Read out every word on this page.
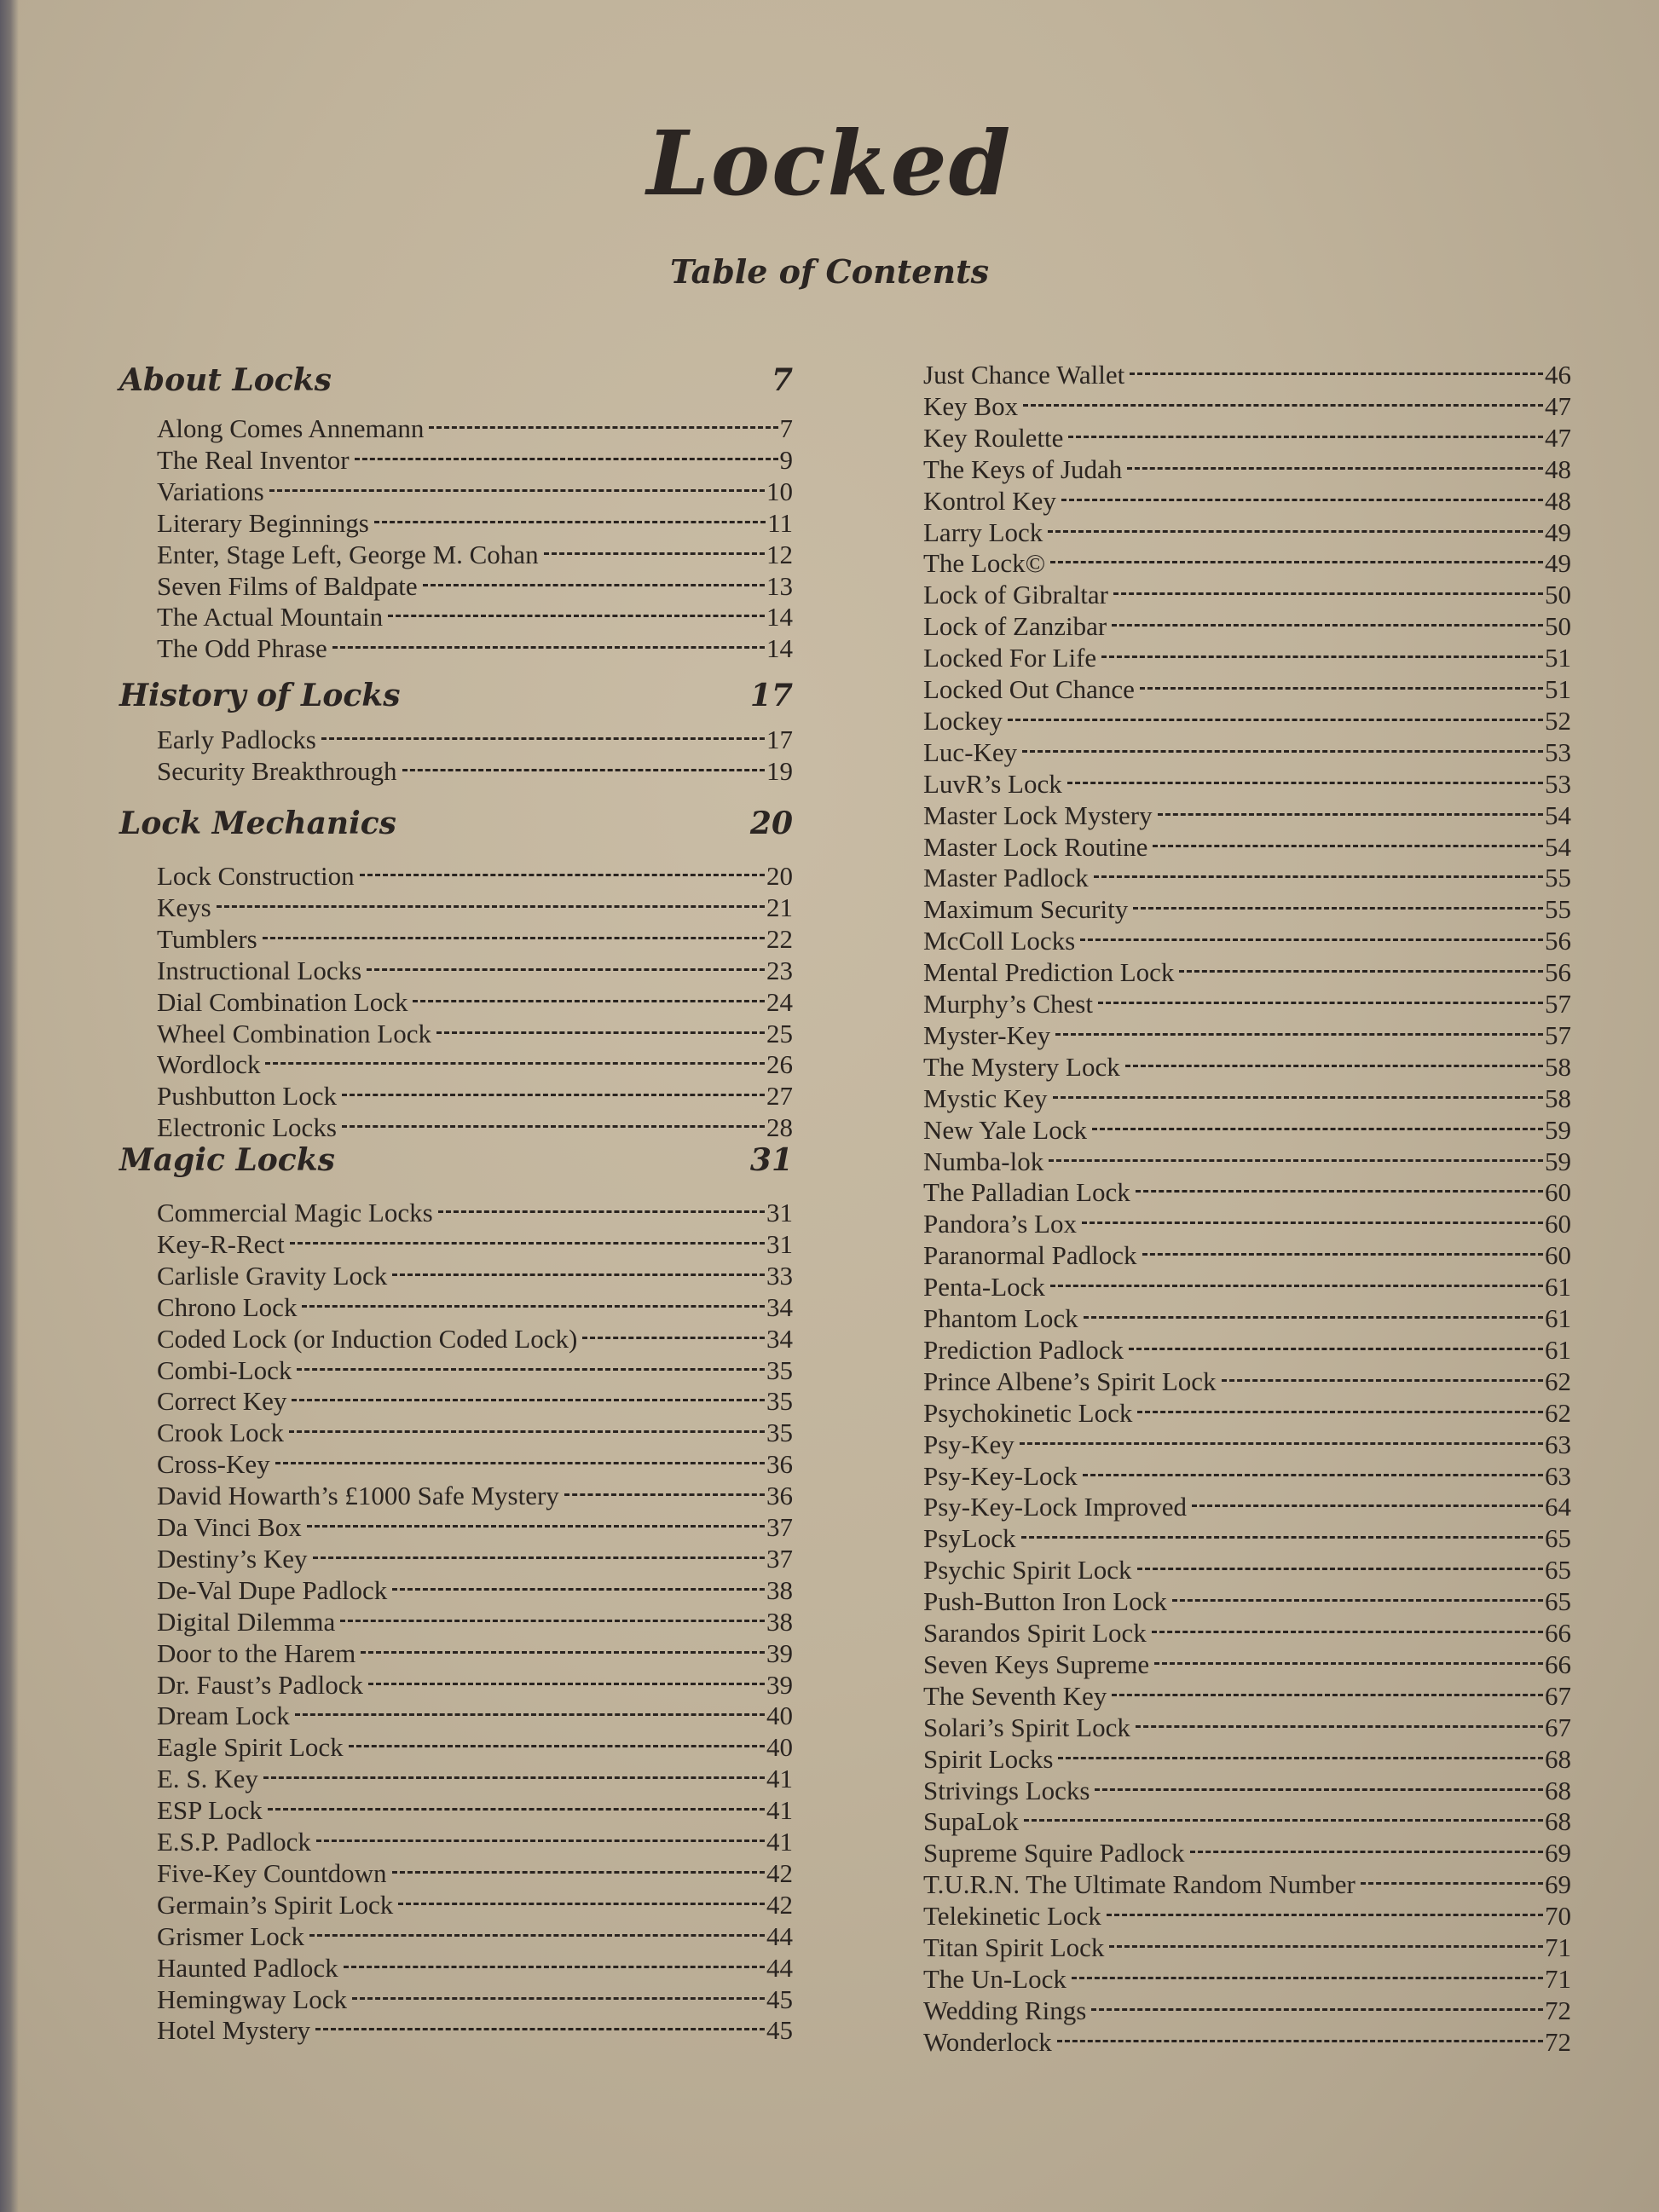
Locked
Table of Contents
About Locks	7
Along Comes Annemann	7
The Real Inventor	9
Variations	10
Literary Beginnings	11
Enter, Stage Left, George M. Cohan	12
Seven Films of Baldpate	13
The Actual Mountain	14
The Odd Phrase	14
History of Locks	17
Early Padlocks	17
Security Breakthrough	19
Lock Mechanics	20
Lock Construction	20
Keys	21
Tumblers	22
Instructional Locks	23
Dial Combination Lock	24
Wheel Combination Lock	25
Wordlock	26
Pushbutton Lock	27
Electronic Locks	28
Magic Locks	31
Commercial Magic Locks	31
Key-R-Rect	31
Carlisle Gravity Lock	33
Chrono Lock	34
Coded Lock (or Induction Coded Lock)	34
Combi-Lock	35
Correct Key	35
Crook Lock	35
Cross-Key	36
David Howarth’s £1000 Safe Mystery	36
Da Vinci Box	37
Destiny’s Key	37
De-Val Dupe Padlock	38
Digital Dilemma	38
Door to the Harem	39
Dr. Faust’s Padlock	39
Dream Lock	40
Eagle Spirit Lock	40
E. S. Key	41
ESP Lock	41
E.S.P. Padlock	41
Five-Key Countdown	42
Germain’s Spirit Lock	42
Grismer Lock	44
Haunted Padlock	44
Hemingway Lock	45
Hotel Mystery	45
Just Chance Wallet	46
Key Box	47
Key Roulette	47
The Keys of Judah	48
Kontrol Key	48
Larry Lock	49
The Lock©	49
Lock of Gibraltar	50
Lock of Zanzibar	50
Locked For Life	51
Locked Out Chance	51
Lockey	52
Luc-Key	53
LuvR’s Lock	53
Master Lock Mystery	54
Master Lock Routine	54
Master Padlock	55
Maximum Security	55
McColl Locks	56
Mental Prediction Lock	56
Murphy’s Chest	57
Myster-Key	57
The Mystery Lock	58
Mystic Key	58
New Yale Lock	59
Numba-lok	59
The Palladian Lock	60
Pandora’s Lox	60
Paranormal Padlock	60
Penta-Lock	61
Phantom Lock	61
Prediction Padlock	61
Prince Albene’s Spirit Lock	62
Psychokinetic Lock	62
Psy-Key	63
Psy-Key-Lock	63
Psy-Key-Lock Improved	64
PsyLock	65
Psychic Spirit Lock	65
Push-Button Iron Lock	65
Sarandos Spirit Lock	66
Seven Keys Supreme	66
The Seventh Key	67
Solari’s Spirit Lock	67
Spirit Locks	68
Strivings Locks	68
SupaLok	68
Supreme Squire Padlock	69
T.U.R.N. The Ultimate Random Number	69
Telekinetic Lock	70
Titan Spirit Lock	71
The Un-Lock	71
Wedding Rings	72
Wonderlock	72
